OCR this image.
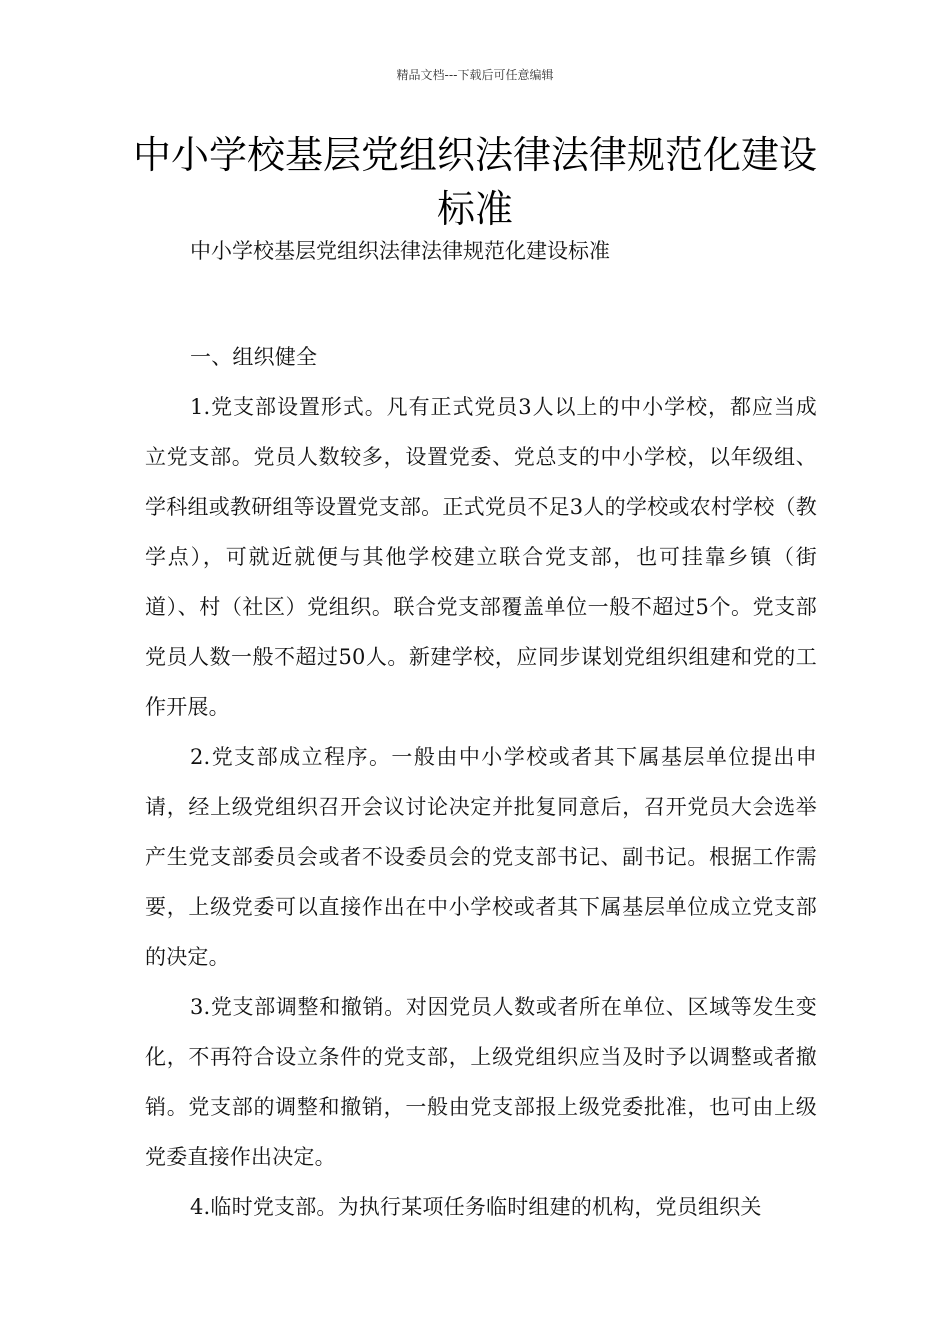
精品文档---下载后可任意编辑
中小学校基层党组织法律法律规范化建设标准
中小学校基层党组织法律法律规范化建设标准

一、组织健全

1.党支部设置形式。凡有正式党员3人以上的中小学校，都应当成立党支部。党员人数较多，设置党委、党总支的中小学校，以年级组、学科组或教研组等设置党支部。正式党员不足3人的学校或农村学校（教学点），可就近就便与其他学校建立联合党支部，也可挂靠乡镇（街道）、村（社区）党组织。联合党支部覆盖单位一般不超过5个。党支部党员人数一般不超过50人。新建学校，应同步谋划党组织组建和党的工作开展。

2.党支部成立程序。一般由中小学校或者其下属基层单位提出申请，经上级党组织召开会议讨论决定并批复同意后，召开党员大会选举产生党支部委员会或者不设委员会的党支部书记、副书记。根据工作需要，上级党委可以直接作出在中小学校或者其下属基层单位成立党支部的决定。

3.党支部调整和撤销。对因党员人数或者所在单位、区域等发生变化，不再符合设立条件的党支部，上级党组织应当及时予以调整或者撤销。党支部的调整和撤销，一般由党支部报上级党委批准，也可由上级党委直接作出决定。

4.临时党支部。为执行某项任务临时组建的机构，党员组织关
